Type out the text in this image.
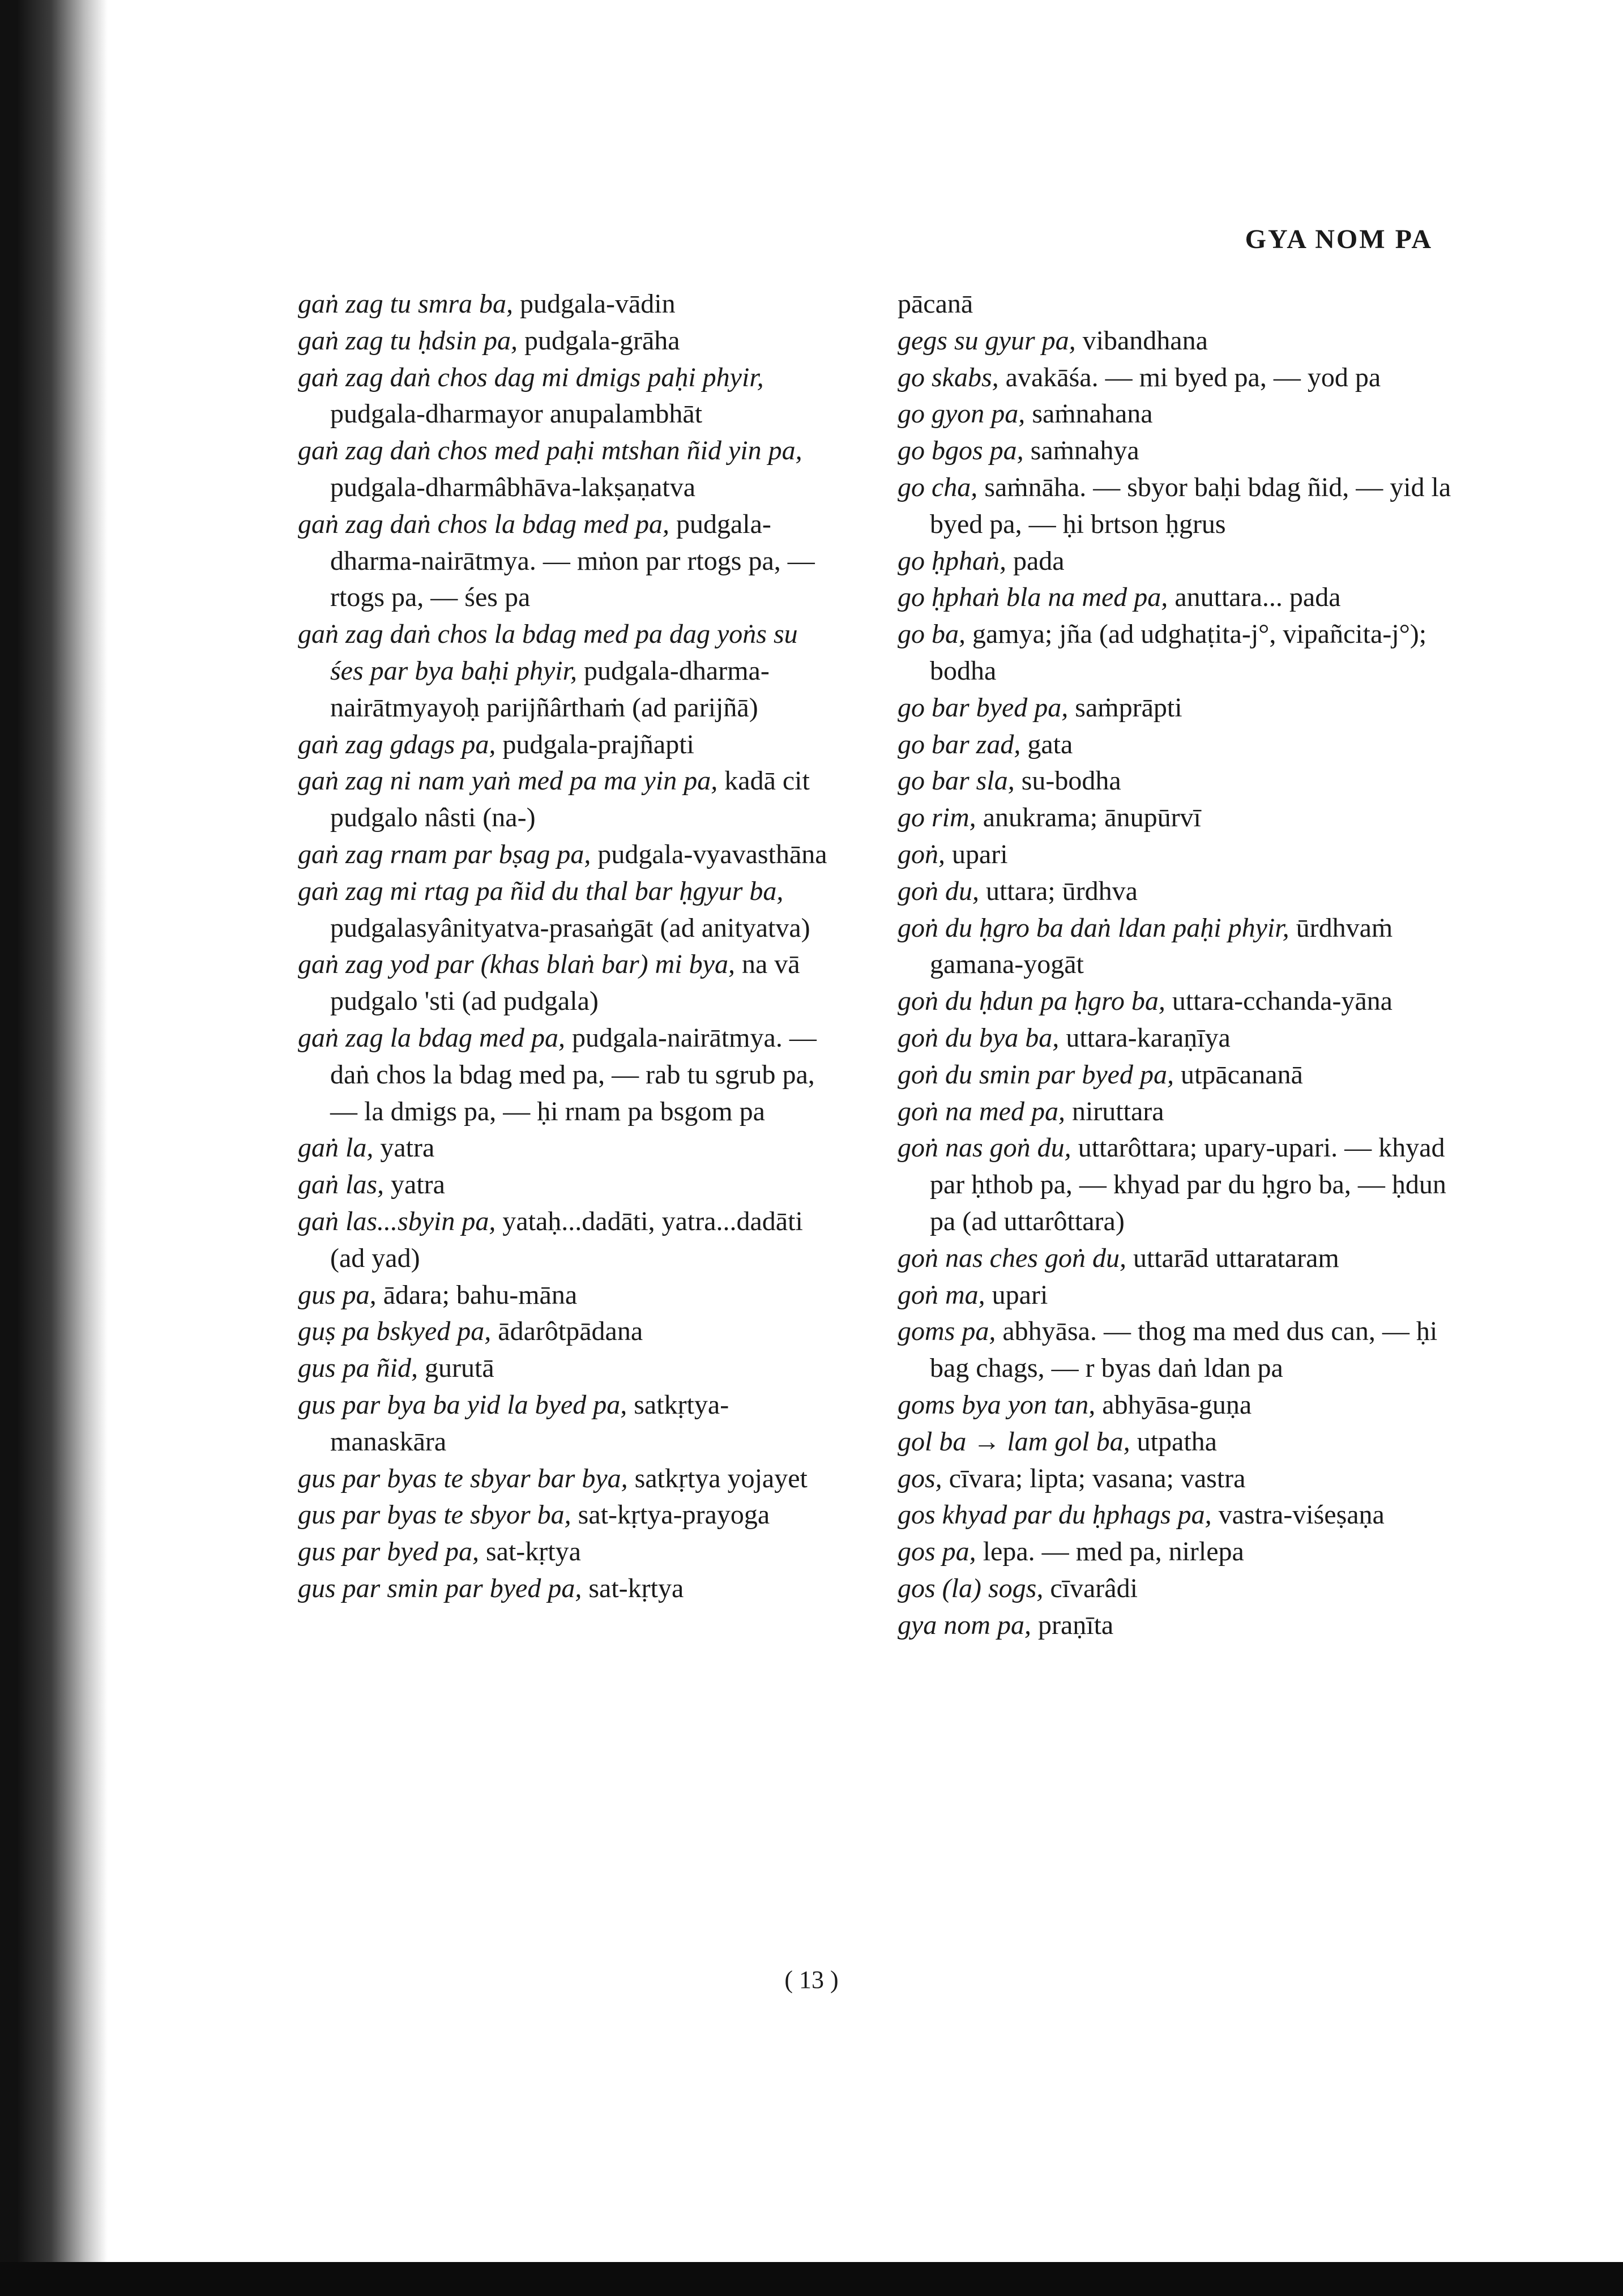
GYA NOM PA
gaṅ zag tu smra ba, pudgala-vādin
gaṅ zag tu ḥdsin pa, pudgala-grāha
gaṅ zag daṅ chos dag mi dmigs paḥi phyir, pudgala-dharmayor anupalambhāt
gaṅ zag daṅ chos med paḥi mtshan ñid yin pa, pudgala-dharmâbhāva-lakṣaṇatva
gaṅ zag daṅ chos la bdag med pa, pudgala-dharma-nairātmya. — mṅon par rtogs pa, — rtogs pa, — śes pa
gaṅ zag daṅ chos la bdag med pa dag yoṅs su śes par bya baḥi phyir, pudgala-dharma-nairātmyayoḥ parijñârthaṁ (ad parijñā)
gaṅ zag gdags pa, pudgala-prajñapti
gaṅ zag ni nam yaṅ med pa ma yin pa, kadā cit pudgalo nâsti (na-)
gaṅ zag rnam par bṣag pa, pudgala-vyavasthāna
gaṅ zag mi rtag pa ñid du thal bar ḥgyur ba, pudgalasyânityatva-prasaṅgāt (ad anityatva)
gaṅ zag yod par (khas blaṅ bar) mi bya, na vā pudgalo 'sti (ad pudgala)
gaṅ zag la bdag med pa, pudgala-nairātmya. — daṅ chos la bdag med pa, — rab tu sgrub pa, — la dmigs pa, — ḥi rnam pa bsgom pa
gaṅ la, yatra
gaṅ las, yatra
gaṅ las...sbyin pa, yataḥ...dadāti, yatra...dadāti (ad yad)
gus pa, ādara; bahu-māna
guṣ pa bskyed pa, ādarôtpādana
gus pa ñid, gurutā
gus par bya ba yid la byed pa, satkṛtya-manaskāra
gus par byas te sbyar bar bya, satkṛtya yojayet
gus par byas te sbyor ba, sat-kṛtya-prayoga
gus par byed pa, sat-kṛtya
gus par smin par byed pa, sat-kṛtya
pācanā
gegs su gyur pa, vibandhana
go skabs, avakāśa. — mi byed pa, — yod pa
go gyon pa, saṁnahana
go bgos pa, saṁnahya
go cha, saṁnāha. — sbyor baḥi bdag ñid, — yid la byed pa, — ḥi brtson ḥgrus
go ḥphaṅ, pada
go ḥphaṅ bla na med pa, anuttara... pada
go ba, gamya; jña (ad udghaṭita-j°, vipañcita-j°); bodha
go bar byed pa, saṁprāpti
go bar zad, gata
go bar sla, su-bodha
go rim, anukrama; ānupūrvī
goṅ, upari
goṅ du, uttara; ūrdhva
goṅ du ḥgro ba daṅ ldan paḥi phyir, ūrdhvaṁ gamana-yogāt
goṅ du ḥdun pa ḥgro ba, uttara-cchanda-yāna
goṅ du bya ba, uttara-karaṇīya
goṅ du smin par byed pa, utpācananā
goṅ na med pa, niruttara
goṅ nas goṅ du, uttarôttara; upary-upari. — khyad par ḥthob pa, — khyad par du ḥgro ba, — ḥdun pa (ad uttarôttara)
goṅ nas ches goṅ du, uttarād uttarataram
goṅ ma, upari
goms pa, abhyāsa. — thog ma med dus can, — ḥi bag chags, — r byas daṅ ldan pa
goms bya yon tan, abhyāsa-guṇa
gol ba → lam gol ba, utpatha
gos, cīvara; lipta; vasana; vastra
gos khyad par du ḥphags pa, vastra-viśeṣaṇa
gos pa, lepa. — med pa, nirlepa
gos (la) sogs, cīvarâdi
gya nom pa, praṇīta
( 13 )
